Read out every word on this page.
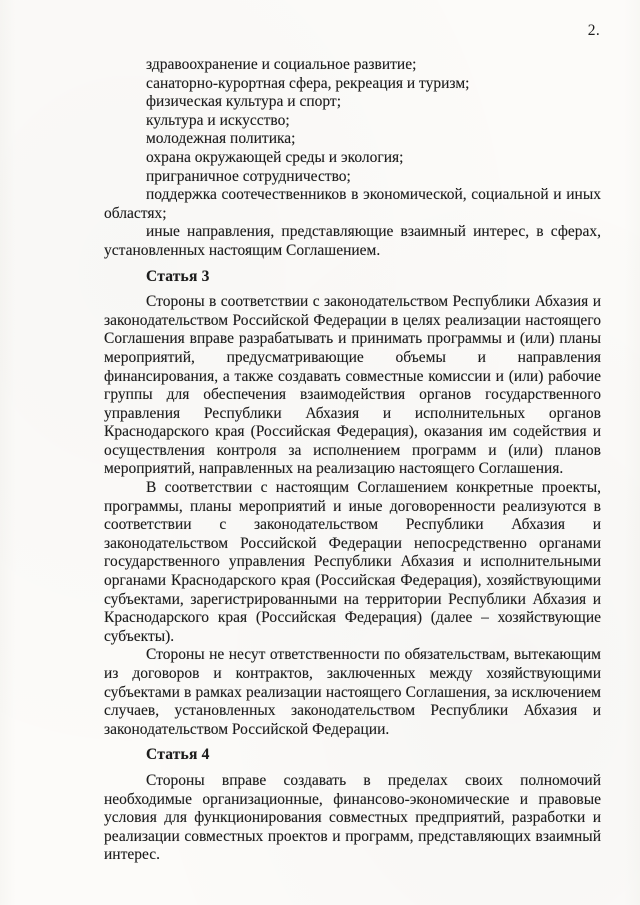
2.
здравоохранение и социальное развитие;
санаторно-курортная сфера, рекреация и туризм;
физическая культура и спорт;
культура и искусство;
молодежная политика;
охрана окружающей среды и экология;
приграничное сотрудничество;
поддержка соотечественников в экономической, социальной и иных
областях;
иные направления, представляющие взаимный интерес, в сферах,
установленных настоящим Соглашением.
Статья 3
Стороны в соответствии с законодательством Республики Абхазия и
законодательством Российской Федерации в целях реализации настоящего
Соглашения вправе разрабатывать и принимать программы и (или) планы
мероприятий, предусматривающие объемы и направления
финансирования, а также создавать совместные комиссии и (или) рабочие
группы для обеспечения взаимодействия органов государственного
управления Республики Абхазия и исполнительных органов
Краснодарского края (Российская Федерация), оказания им содействия и
осуществления контроля за исполнением программ и (или) планов
мероприятий, направленных на реализацию настоящего Соглашения.
В соответствии с настоящим Соглашением конкретные проекты,
программы, планы мероприятий и иные договоренности реализуются в
соответствии с законодательством Республики Абхазия и
законодательством Российской Федерации непосредственно органами
государственного управления Республики Абхазия и исполнительными
органами Краснодарского края (Российская Федерация), хозяйствующими
субъектами, зарегистрированными на территории Республики Абхазия и
Краснодарского края (Российская Федерация) (далее – хозяйствующие
субъекты).
Стороны не несут ответственности по обязательствам, вытекающим
из договоров и контрактов, заключенных между хозяйствующими
субъектами в рамках реализации настоящего Соглашения, за исключением
случаев, установленных законодательством Республики Абхазия и
законодательством Российской Федерации.
Статья 4
Стороны вправе создавать в пределах своих полномочий
необходимые организационные, финансово-экономические и правовые
условия для функционирования совместных предприятий, разработки и
реализации совместных проектов и программ, представляющих взаимный
интерес.
